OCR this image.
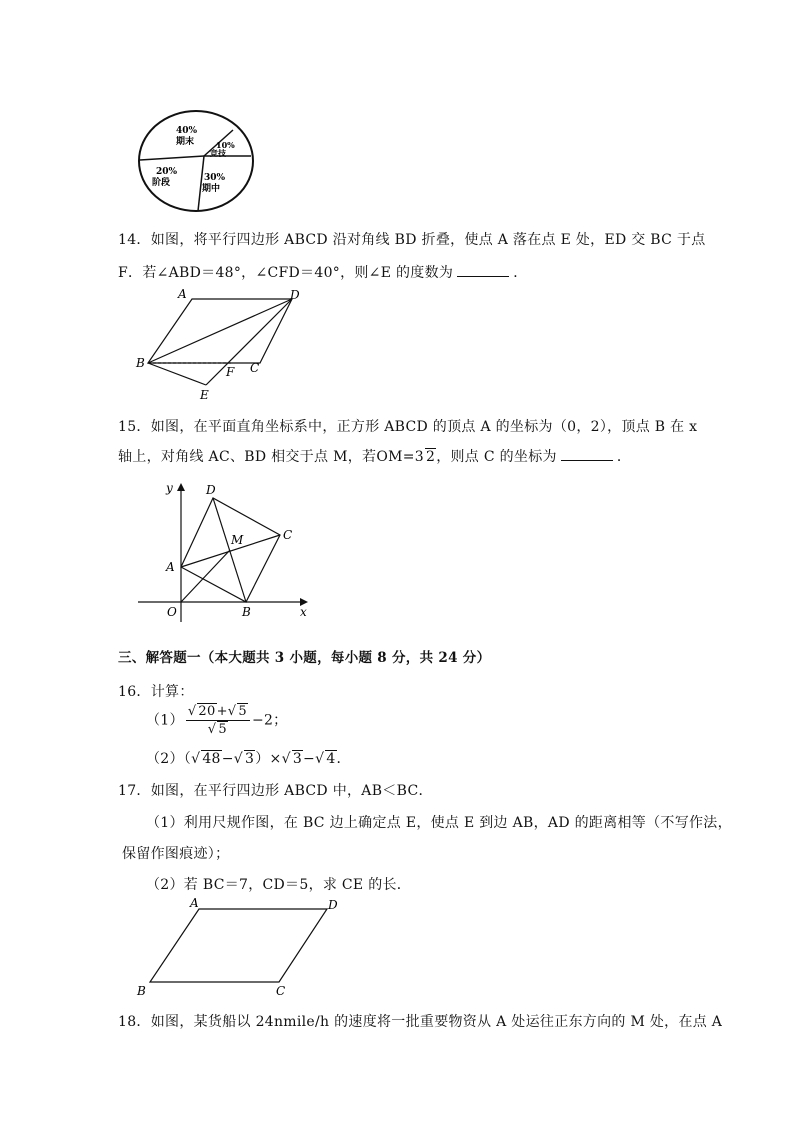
40%
期末	10%
竞技
20%
阶段	30%
期中
14．如图，将平行四边形 ABCD 沿对角线 BD 折叠，使点 A 落在点 E 处，ED 交 BC 于点
F．若∠ABD＝48°，∠CFD＝40°，则∠E 的度数为	．
A	D
B
F C
E
15．如图，在平面直角坐标系中，正方形 ABCD 的顶点 A 的坐标为（0，2），顶点 B 在 x
轴上，对角线 AC、BD 相交于点 M，若OM=3 2，则点 C 的坐标为	．
y	D
C
M
A
O	B	x
三、解答题一（本大题共 3 小题，每小题 8 分，共 24 分）
16．计算：
$(1) \frac{√ 20+√ 5}{√ 5} -2$；
（2）（√ 48−√ 3）×√ 3−√ 4．
17．如图，在平行四边形 ABCD 中，AB＜BC．
（1）利用尺规作图，在 BC 边上确定点 E，使点 E 到边 AB，AD 的距离相等（不写作法，
保留作图痕迹）；
（2）若 BC＝7，CD＝5，求 CE 的长．
A	D
B	C
18．如图，某货船以 24nmile/h 的速度将一批重要物资从 A 处运往正东方向的 M 处，在点 A
